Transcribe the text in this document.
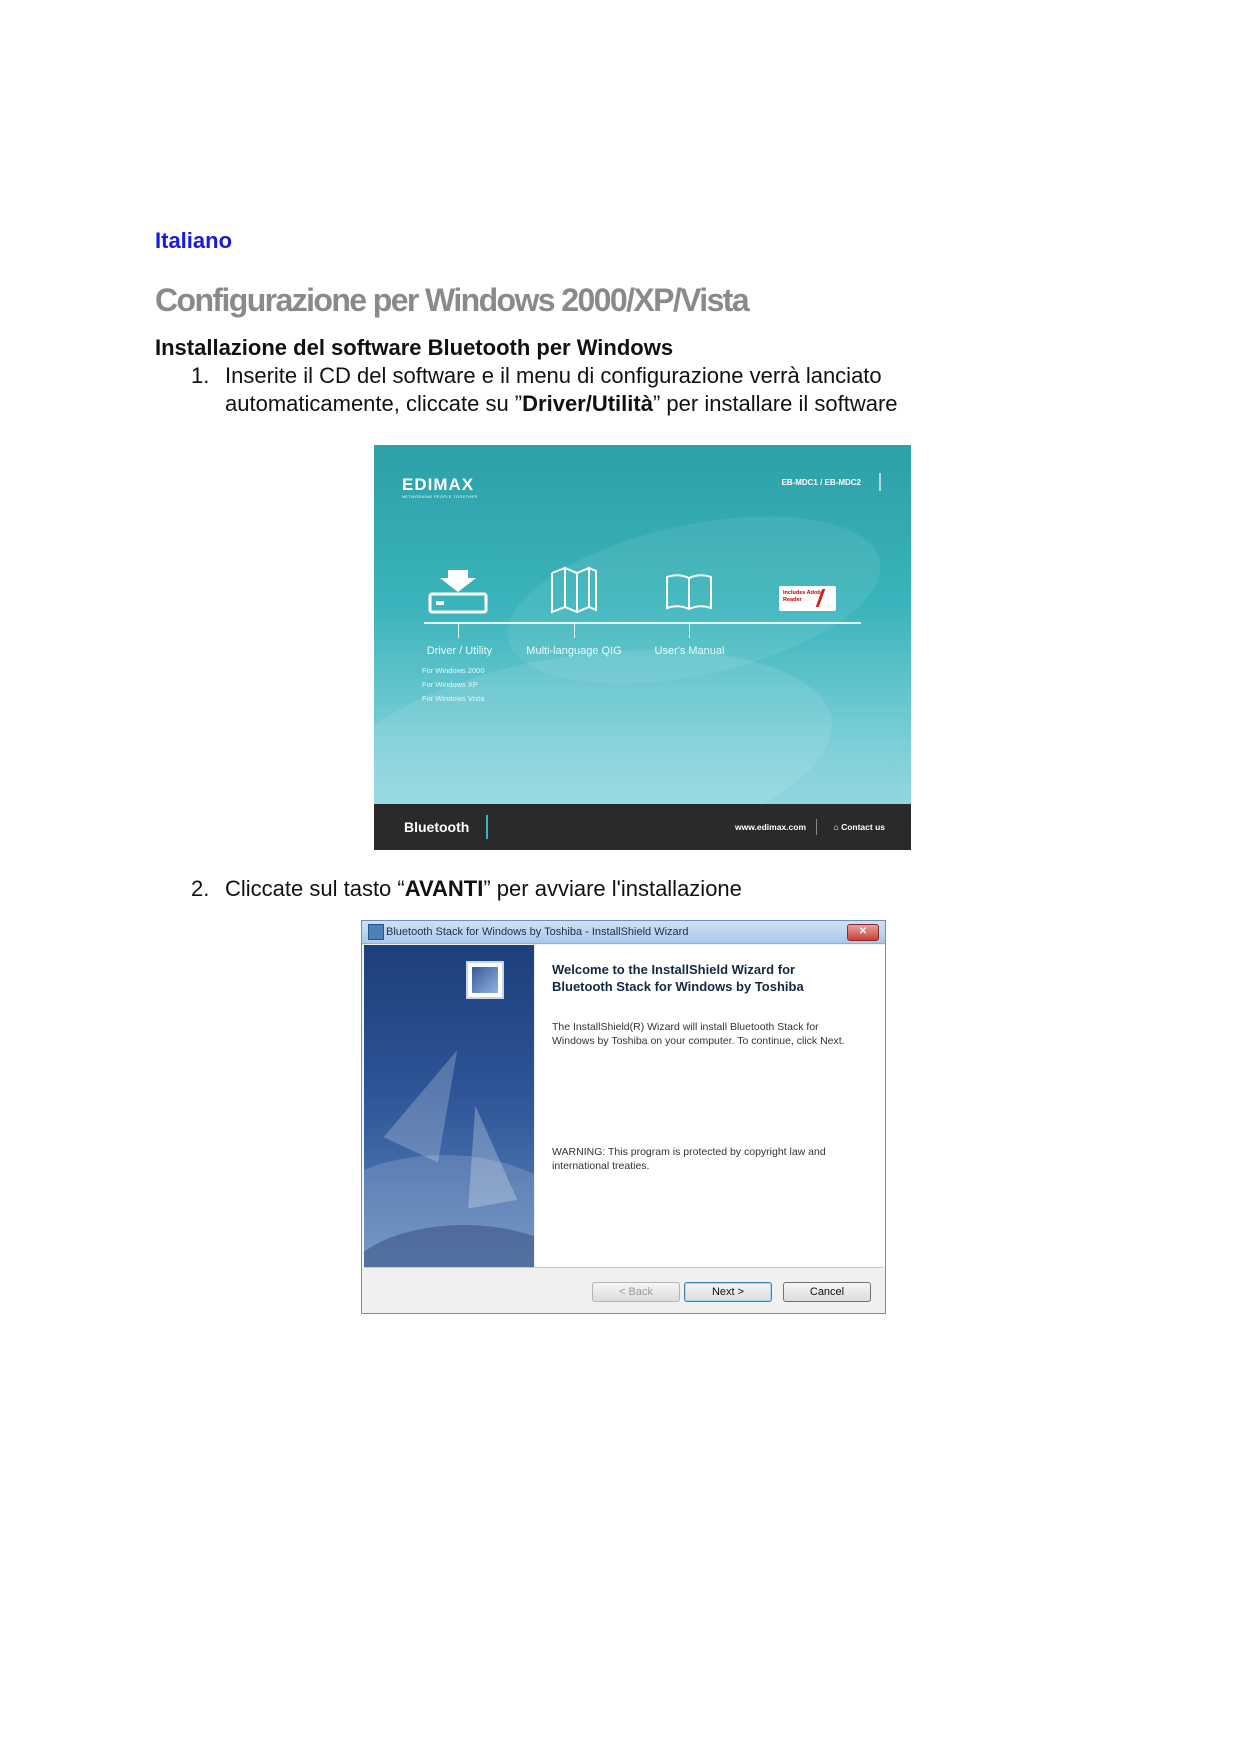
Italiano
Configurazione per Windows 2000/XP/Vista
Installazione del software Bluetooth per Windows
1. Inserite il CD del software e il menu di configurazione verrà lanciato
automaticamente, cliccate su ”Driver/Utilità” per installare il software
EDIMAX
NETWORKING PEOPLE TOGETHER
EB-MDC1 / EB-MDC2
Includes Adobe Reader
Driver / Utility	Multi-language QIG	User's Manual
For Windows 2000
For Windows XP
For Windows Vista
Bluetooth	www.edimax.com	⌂ Contact us
2. Cliccate sul tasto “AVANTI” per avviare l'installazione
Bluetooth Stack for Windows by Toshiba - InstallShield Wizard	✕
Welcome to the InstallShield Wizard for Bluetooth Stack for Windows by Toshiba
The InstallShield(R) Wizard will install Bluetooth Stack for Windows by Toshiba on your computer. To continue, click Next.
WARNING: This program is protected by copyright law and international treaties.
< Back	Next >	Cancel
